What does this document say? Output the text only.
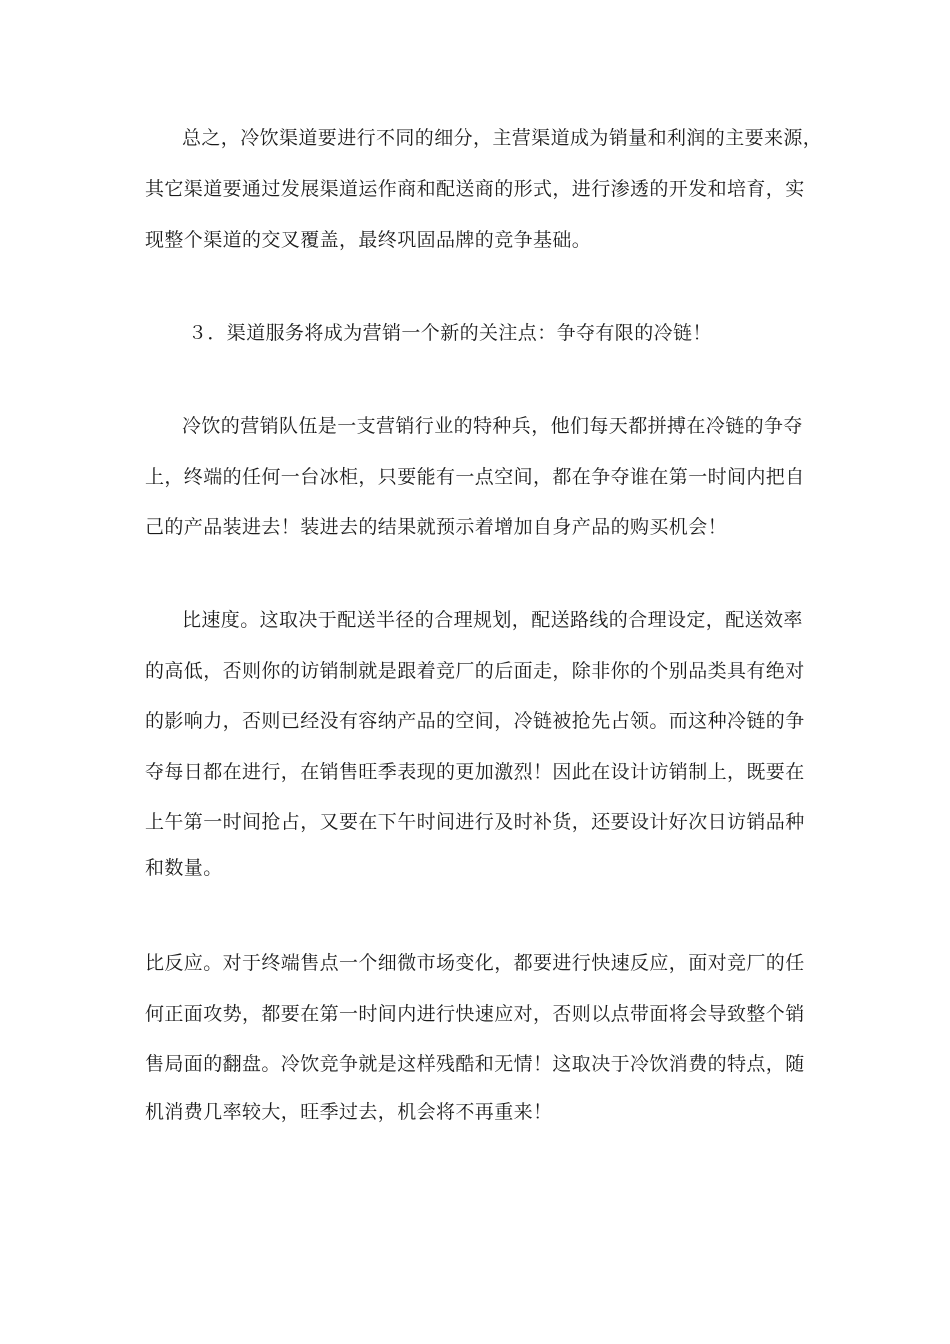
总之，冷饮渠道要进行不同的细分，主营渠道成为销量和利润的主要来源，
其它渠道要通过发展渠道运作商和配送商的形式，进行渗透的开发和培育，实
现整个渠道的交叉覆盖，最终巩固品牌的竞争基础。
３．渠道服务将成为营销一个新的关注点：争夺有限的冷链！
冷饮的营销队伍是一支营销行业的特种兵，他们每天都拼搏在冷链的争夺
上，终端的任何一台冰柜，只要能有一点空间，都在争夺谁在第一时间内把自
己的产品装进去！装进去的结果就预示着增加自身产品的购买机会！
比速度。这取决于配送半径的合理规划，配送路线的合理设定，配送效率
的高低，否则你的访销制就是跟着竞厂的后面走，除非你的个别品类具有绝对
的影响力，否则已经没有容纳产品的空间，冷链被抢先占领。而这种冷链的争
夺每日都在进行，在销售旺季表现的更加激烈！因此在设计访销制上，既要在
上午第一时间抢占，又要在下午时间进行及时补货，还要设计好次日访销品种
和数量。
比反应。对于终端售点一个细微市场变化，都要进行快速反应，面对竞厂的任
何正面攻势，都要在第一时间内进行快速应对，否则以点带面将会导致整个销
售局面的翻盘。冷饮竞争就是这样残酷和无情！这取决于冷饮消费的特点，随
机消费几率较大，旺季过去，机会将不再重来！
